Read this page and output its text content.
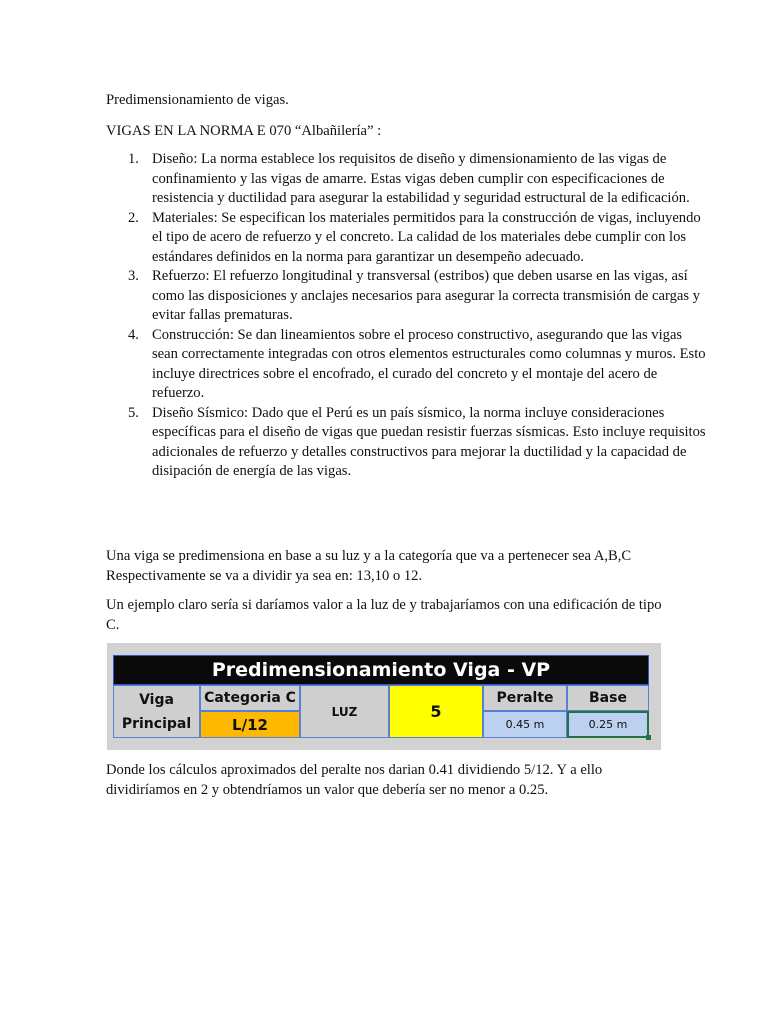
Predimensionamiento de vigas.

VIGAS EN LA NORMA E 070 “Albañilería” :

1. Diseño: La norma establece los requisitos de diseño y dimensionamiento de las vigas de confinamiento y las vigas de amarre. Estas vigas deben cumplir con especificaciones de resistencia y ductilidad para asegurar la estabilidad y seguridad estructural de la edificación.
2. Materiales: Se especifican los materiales permitidos para la construcción de vigas, incluyendo el tipo de acero de refuerzo y el concreto. La calidad de los materiales debe cumplir con los estándares definidos en la norma para garantizar un desempeño adecuado.
3. Refuerzo: El refuerzo longitudinal y transversal (estribos) que deben usarse en las vigas, así como las disposiciones y anclajes necesarios para asegurar la correcta transmisión de cargas y evitar fallas prematuras.
4. Construcción: Se dan lineamientos sobre el proceso constructivo, asegurando que las vigas sean correctamente integradas con otros elementos estructurales como columnas y muros. Esto incluye directrices sobre el encofrado, el curado del concreto y el montaje del acero de refuerzo.
5. Diseño Sísmico: Dado que el Perú es un país sísmico, la norma incluye consideraciones específicas para el diseño de vigas que puedan resistir fuerzas sísmicas. Esto incluye requisitos adicionales de refuerzo y detalles constructivos para mejorar la ductilidad y la capacidad de disipación de energía de las vigas.

Una viga se predimensiona en base a su luz y a la categoría que va a pertenecer sea A,B,C
Respectivamente se va a dividir ya sea en: 13,10 o 12.

Un ejemplo claro sería si daríamos valor a la luz de y trabajaríamos con una edificación de tipo C.

Predimensionamiento Viga - VP
Viga
Principal
Categoria C
L/12
LUZ	5
Peralte
0.45 m
Base
0.25 m

Donde los cálculos aproximados del peralte nos darian 0.41 dividiendo 5/12. Y a ello dividiríamos en 2 y obtendríamos un valor que debería ser no menor a 0.25.
